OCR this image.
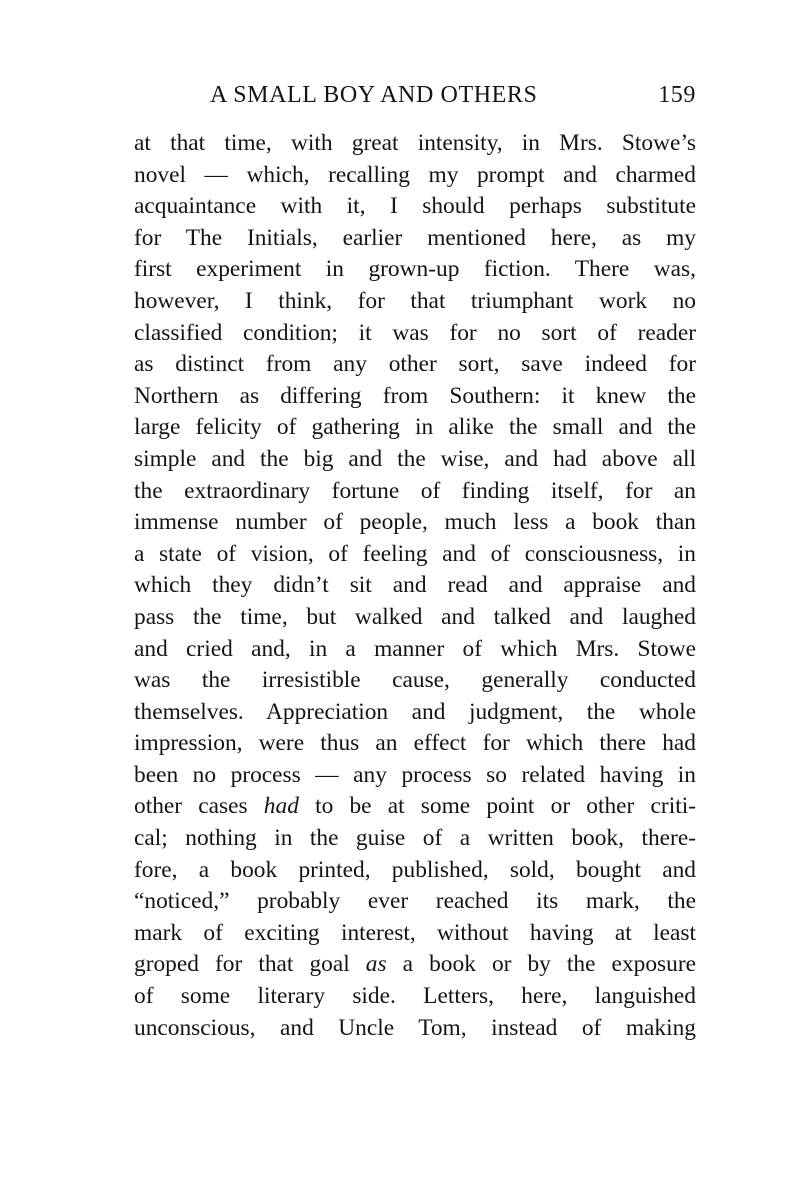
A SMALL BOY AND OTHERS	159
at that time, with great intensity, in Mrs. Stowe’s
novel — which, recalling my prompt and charmed
acquaintance with it, I should perhaps substitute
for The Initials, earlier mentioned here, as my
first experiment in grown-up fiction. There was,
however, I think, for that triumphant work no
classified condition; it was for no sort of reader
as distinct from any other sort, save indeed for
Northern as differing from Southern: it knew the
large felicity of gathering in alike the small and the
simple and the big and the wise, and had above all
the extraordinary fortune of finding itself, for an
immense number of people, much less a book than
a state of vision, of feeling and of consciousness, in
which they didn’t sit and read and appraise and
pass the time, but walked and talked and laughed
and cried and, in a manner of which Mrs. Stowe
was the irresistible cause, generally conducted
themselves. Appreciation and judgment, the whole
impression, were thus an effect for which there had
been no process — any process so related having in
other cases had to be at some point or other criti-
cal; nothing in the guise of a written book, there-
fore, a book printed, published, sold, bought and
“noticed,” probably ever reached its mark, the
mark of exciting interest, without having at least
groped for that goal as a book or by the exposure
of some literary side. Letters, here, languished
unconscious, and Uncle Tom, instead of making
